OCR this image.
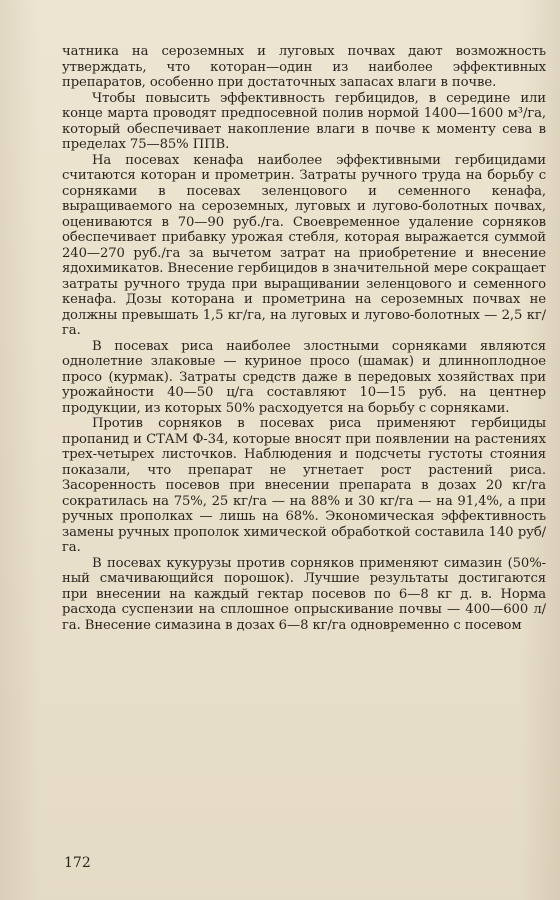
чатника на сероземных и луговых почвах дают возможность утверждать, что которан—один из наиболее эффективных препаратов, особенно при достаточных запасах влаги в почве.

Чтобы повысить эффективность гербицидов, в середине или конце марта проводят предпосевной полив нормой 1400—1600 м³/га, который обеспечивает накопление влаги в почве к моменту сева в пределах 75—85% ППВ.

На посевах кенафа наиболее эффективными гербицидами считаются которан и прометрин. Затраты ручного труда на борьбу с сорняками в посевах зеленцового и семенного кенафа, выращиваемого на сероземных, луговых и лугово-болотных почвах, оцениваются в 70—90 руб./га. Своевременное удаление сорняков обеспечивает прибавку урожая стебля, которая выражается суммой 240—270 руб./га за вычетом затрат на приобретение и внесение ядохимикатов. Внесение гербицидов в значительной мере сокращает затраты ручного труда при выращивании зеленцового и семенного кенафа. Дозы которана и прометрина на сероземных почвах не должны превышать 1,5 кг/га, на луговых и лугово-болотных — 2,5 кг/га.

В посевах риса наиболее злостными сорняками являются однолетние злаковые — куриное просо (шамак) и длинноплодное просо (курмак). Затраты средств даже в передовых хозяйствах при урожайности 40—50 ц/га составляют 10—15 руб. на центнер продукции, из которых 50% расходуется на борьбу с сорняками.

Против сорняков в посевах риса применяют гербициды пропанид и СТАМ Ф-34, которые вносят при появлении на растениях трех-четырех листочков. Наблюдения и подсчеты густоты стояния показали, что препарат не угнетает рост растений риса. Засоренность посевов при внесении препарата в дозах 20 кг/га сократилась на 75%, 25 кг/га — на 88% и 30 кг/га — на 91,4%, а при ручных прополках — лишь на 68%. Экономическая эффективность замены ручных прополок химической обработкой составила 140 руб/га.

В посевах кукурузы против сорняков применяют симазин (50%-ный смачивающийся порошок). Лучшие результаты достигаются при внесении на каждый гектар посевов по 6—8 кг д. в. Норма расхода суспензии на сплошное опрыскивание почвы — 400—600 л/га. Внесение симазина в дозах 6—8 кг/га одновременно с посевом

172
